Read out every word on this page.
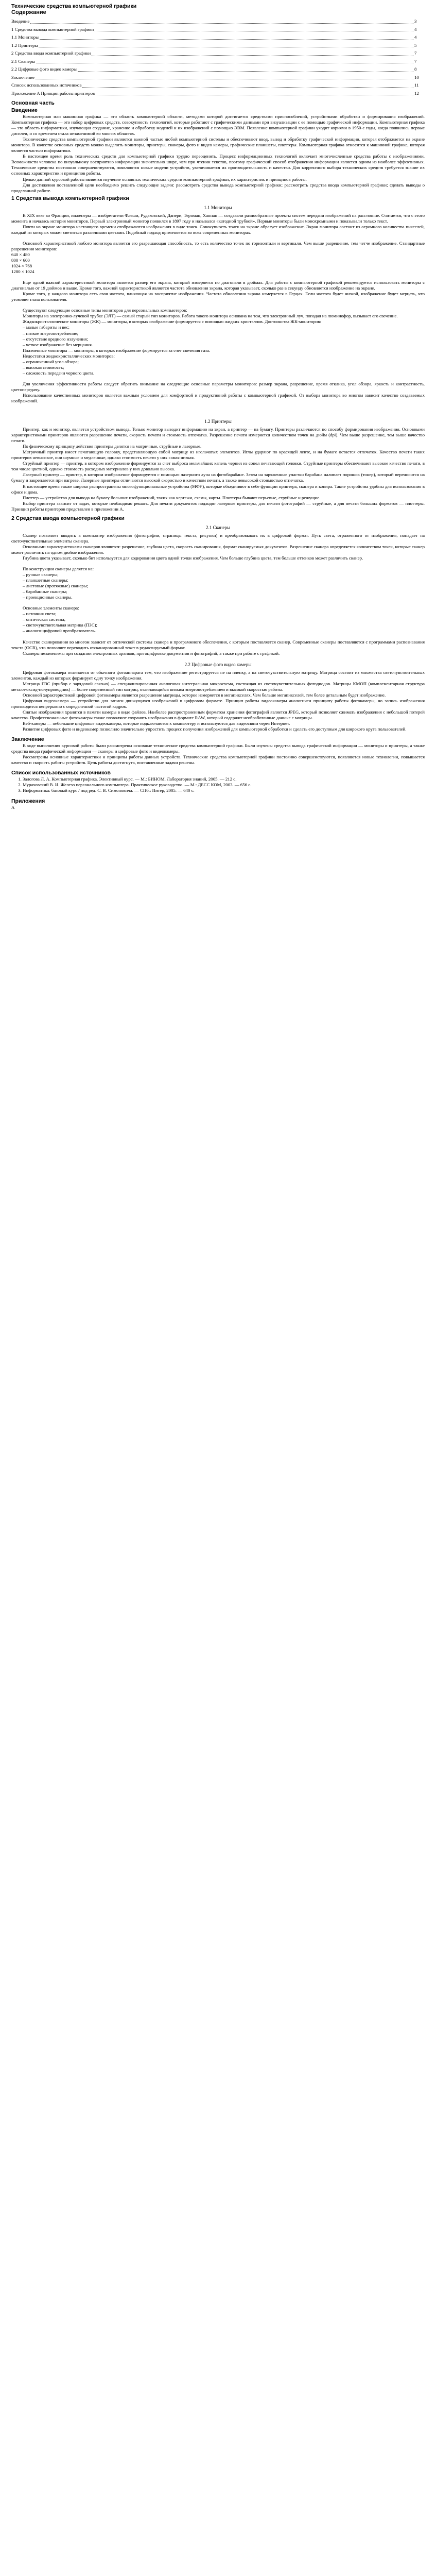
Технические средства компьютерной графики
Содержание
Введение	3
1 Средства вывода компьютерной графики	4
1.1 Мониторы	4
1.2 Принтеры	5
2 Средства ввода компьютерной графики	7
2.1 Сканеры	7
2.2 Цифровые фото видео камеры	8
Заключение	10
Список использованных источников	11
Приложение A Принцип работы принтеров	12
Основная часть
Введение

Компьютерная или машинная графика — это область компьютерной области, методами которой достигается средствами приспособлений, устройствами обработки и формирования изображений. Компьютерная графика — это набор цифровых средств, совокупность технологий, которые работают с графическими данными при визуализации с ее помощью графической информации. Компьютерная графика — это область информатики, изучающая создание, хранение и обработку моделей и их изображений с помощью ЭВМ. Появление компьютерной графики уходит корнями в 1950-е годы, когда появились первые дисплеи, и со временем стала незаменимой во многих областях.

Технические средства компьютерной графики являются важной частью любой компьютерной системы и обеспечивают ввод, вывод и обработку графической информации, которая отображается на экране монитора. В качестве основных средств можно выделить мониторы, принтеры, сканеры, фото и видео камеры, графические планшеты, плоттеры. Компьютерная графика относится к машинной графике, которая является частью информатики.

В настоящее время роль технических средств для компьютерной графики трудно переоценить. Процесс информационных технологий включает многочисленные средства работы с изображениями. Возможности человека по визуальному восприятию информации значительно шире, чем при чтении текстов, поэтому графический способ отображения информации является одним из наиболее эффективных. Технические средства постоянно совершенствуются, появляются новые модели устройств, увеличивается их производительность и качество. Для корректного выбора технических средств требуется знание их основных характеристик и принципов работы.

Целью данной курсовой работы является изучение основных технических средств компьютерной графики, их характеристик и принципов работы.

Для достижения поставленной цели необходимо решить следующие задачи: рассмотреть средства вывода компьютерной графики; рассмотреть средства ввода компьютерной графики; сделать выводы о проделанной работе.

1 Средства вывода компьютерной графики
1.1 Мониторы

В XIX веке во Франции, инженеры — изобретатели Флеши, Рудаковский, Дапери, Тернман, Ханнан — создавали разнообразные проекты систем передачи изображений на расстояние. Считается, что с этого момента и началась история мониторов. Первый электронный монитор появился в 1897 году и назывался «катодной трубкой». Первые мониторы были монохромными и показывали только текст.

Почти на экране монитора настоящего времени отображаются изображения в виде точек. Совокупность точек на экране образует изображение. Экран монитора состоит из огромного количества пикселей, каждый из которых может светиться различными цветами. Подобный подход применяется во всех современных мониторах.

Основной характеристикой любого монитора является его разрешающая способность, то есть количество точек по горизонтали и вертикали. Чем выше разрешение, тем четче изображение. Стандартные разрешения мониторов:

640 × 480

800 × 600

1024 × 768

1280 × 1024

Еще одной важной характеристикой монитора является размер его экрана, который измеряется по диагонали в дюймах. Для работы с компьютерной графикой рекомендуется использовать мониторы с диагональю от 19 дюймов и выше. Кроме того, важной характеристикой является частота обновления экрана, которая указывает, сколько раз в секунду обновляется изображение на экране.

Кроме того, у каждого монитора есть своя частота, влияющая на восприятие изображения. Частота обновления экрана измеряется в Герцах. Если частота будет низкой, изображение будет мерцать, что утомляет глаза пользователя.

Существуют следующие основные типы мониторов для персональных компьютеров:

Мониторы на электронно-лучевой трубке (ЭЛТ) — самый старый тип мониторов. Работа такого монитора основана на том, что электронный луч, попадая на люминофор, вызывает его свечение.

Жидкокристаллические мониторы (ЖК) — мониторы, в которых изображение формируется с помощью жидких кристаллов. Достоинства ЖК-мониторов:

– малые габариты и вес;

– низкое энергопотребление;

– отсутствие вредного излучения;

– четкое изображение без мерцания.

Плазменные мониторы — мониторы, в которых изображение формируется за счет свечения газа.

Недостатки жидкокристаллических мониторов:

– ограниченный угол обзора;

– высокая стоимость;

– сложность передачи черного цвета.

Для увеличения эффективности работы следует обратить внимание на следующие основные параметры мониторов: размер экрана, разрешение, время отклика, угол обзора, яркость и контрастность, цветопередачу.

Использование качественных мониторов является важным условием для комфортной и продуктивной работы с компьютерной графикой. От выбора монитора во многом зависит качество создаваемых изображений.

1.2 Принтеры

Принтер, как и монитор, является устройством вывода. Только монитор выводит информацию на экран, а принтер — на бумагу. Принтеры различаются по способу формирования изображения. Основными характеристиками принтеров являются разрешение печати, скорость печати и стоимость отпечатка. Разрешение печати измеряется количеством точек на дюйм (dpi). Чем выше разрешение, тем выше качество печати.

По физическому принципу действия принтеры делятся на матричные, струйные и лазерные.

Матричный принтер имеет печатающую головку, представляющую собой матрицу из игольчатых элементов. Иглы ударяют по красящей ленте, и на бумаге остается отпечаток. Качество печати таких принтеров невысокое, они шумные и медленные, однако стоимость печати у них самая низкая.

Струйный принтер — принтер, в котором изображение формируется за счет выброса мельчайших капель чернил из сопел печатающей головки. Струйные принтеры обеспечивают высокое качество печати, в том числе цветной, однако стоимость расходных материалов у них довольно высока.

Лазерный принтер — принтер, в котором изображение формируется с помощью лазерного луча на фотобарабане. Затем на заряженные участки барабана налипает порошок (тонер), который переносится на бумагу и закрепляется при нагреве. Лазерные принтеры отличаются высокой скоростью и качеством печати, а также невысокой стоимостью отпечатка.

В настоящее время также широко распространены многофункциональные устройства (МФУ), которые объединяют в себе функции принтера, сканера и копира. Такие устройства удобны для использования в офисе и дома.

Плоттер — устройство для вывода на бумагу больших изображений, таких как чертежи, схемы, карты. Плоттеры бывают перьевые, струйные и режущие.

Выбор принтера зависит от задач, которые необходимо решать. Для печати документов подходят лазерные принтеры, для печати фотографий — струйные, а для печати больших форматов — плоттеры. Принцип работы принтеров представлен в приложении А.

2 Средства ввода компьютерной графики
2.1 Сканеры

Сканер позволяет вводить в компьютер изображения (фотографии, страницы текста, рисунки) и преобразовывать их в цифровой формат. Путь света, отраженного от изображения, попадает на светочувствительные элементы сканера.

Основными характеристиками сканеров являются: разрешение, глубина цвета, скорость сканирования, формат сканируемых документов. Разрешение сканера определяется количеством точек, которые сканер может различить на одном дюйме изображения.

Глубина цвета указывает, сколько бит используется для кодирования цвета одной точки изображения. Чем больше глубина цвета, тем больше оттенков может различить сканер.

По конструкции сканеры делятся на:

– ручные сканеры;

– планшетные сканеры;

– листовые (протяжные) сканеры;

– барабанные сканеры;

– проекционные сканеры.

Основные элементы сканера:

– источник света;

– оптическая система;

– светочувствительная матрица (ПЗС);

– аналого-цифровой преобразователь.

Качество сканирования во многом зависит от оптической системы сканера и программного обеспечения, с которым поставляется сканер. Современные сканеры поставляются с программами распознавания текста (OCR), что позволяет переводить отсканированный текст в редактируемый формат.

Сканеры незаменимы при создании электронных архивов, при оцифровке документов и фотографий, а также при работе с графикой.

2.2 Цифровые фото видео камеры

Цифровая фотокамера отличается от обычного фотоаппарата тем, что изображение регистрируется не на пленку, а на светочувствительную матрицу. Матрица состоит из множества светочувствительных элементов, каждый из которых формирует одну точку изображения.

Матрица ПЗС (прибор с зарядовой связью) — специализированная аналоговая интегральная микросхема, состоящая из светочувствительных фотодиодов. Матрицы КМОП (комплементарная структура металл-оксид-полупроводник) — более современный тип матриц, отличающийся низким энергопотреблением и высокой скоростью работы.

Основной характеристикой цифровой фотокамеры является разрешение матрицы, которое измеряется в мегапикселях. Чем больше мегапикселей, тем более детальным будет изображение.

Цифровая видеокамера — устройство для записи движущихся изображений в цифровом формате. Принцип работы видеокамеры аналогичен принципу работы фотокамеры, но запись изображения производится непрерывно с определенной частотой кадров.

Снятые изображения хранятся в памяти камеры в виде файлов. Наиболее распространенным форматом хранения фотографий является JPEG, который позволяет сжимать изображения с небольшой потерей качества. Профессиональные фотокамеры также позволяют сохранять изображения в формате RAW, который содержит необработанные данные с матрицы.

Веб-камеры — небольшие цифровые видеокамеры, которые подключаются к компьютеру и используются для видеосвязи через Интернет.

Развитие цифровых фото и видеокамер позволило значительно упростить процесс получения изображений для компьютерной обработки и сделать его доступным для широкого круга пользователей.

Заключение

В ходе выполнения курсовой работы были рассмотрены основные технические средства компьютерной графики. Были изучены средства вывода графической информации — мониторы и принтеры, а также средства ввода графической информации — сканеры и цифровые фото и видеокамеры.

Рассмотрены основные характеристики и принципы работы данных устройств. Технические средства компьютерной графики постоянно совершенствуются, появляются новые технологии, повышается качество и скорость работы устройств. Цель работы достигнута, поставленные задачи решены.

Список использованных источников
1. Залогова Л. А. Компьютерная графика. Элективный курс. — М.: БИНОМ. Лаборатория знаний, 2005. — 212 с.
2. Мураховский В. И. Железо персонального компьютера. Практическое руководство. — М.: ДЕСС КОМ, 2003. — 656 с.
3. Информатика: базовый курс / под ред. С. В. Симоновича. — СПб.: Питер, 2005. — 640 с.
Приложения

А
